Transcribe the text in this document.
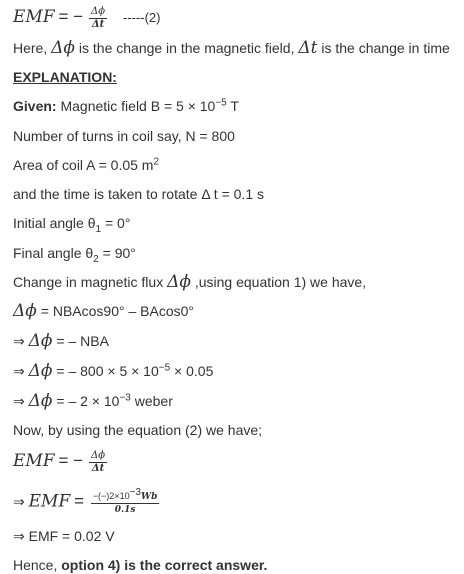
EMF = − $\frac{\Delta\phi}{\Delta t} -----(2)$
Here, Δϕ is the change in the magnetic field, Δt is the change in time
EXPLANATION:
Given: Magnetic field $B = 5 \times 10^{-5}$ T
Number of turns in coil say, N = 800
Area of coil A = 0.05 $m^2$
and the time is taken to rotate Δ t = 0.1 s
Initial angle $\theta_1 = 0^\circ$
Final angle $\theta_2 = 90^\circ$
Change in magnetic flux Δϕ ,using equation 1) we have,
Δϕ = NBAcos90° – BAcos0°
⇒ Δϕ = – NBA
⇒ Δϕ = – $800 \times 5 \times 10^{-5} \times 0.05$
⇒ Δϕ = – $2 \times 10^{-3}$ weber
Now, by using the equation (2) we have;
EMF = − $\frac{\Delta\phi}{\Delta t}$
⇒ EMF = $\frac{-(-)2\times 10^{-3}Wb}{0.1s}$
⇒ EMF = 0.02 V
Hence, option 4) is the correct answer.
